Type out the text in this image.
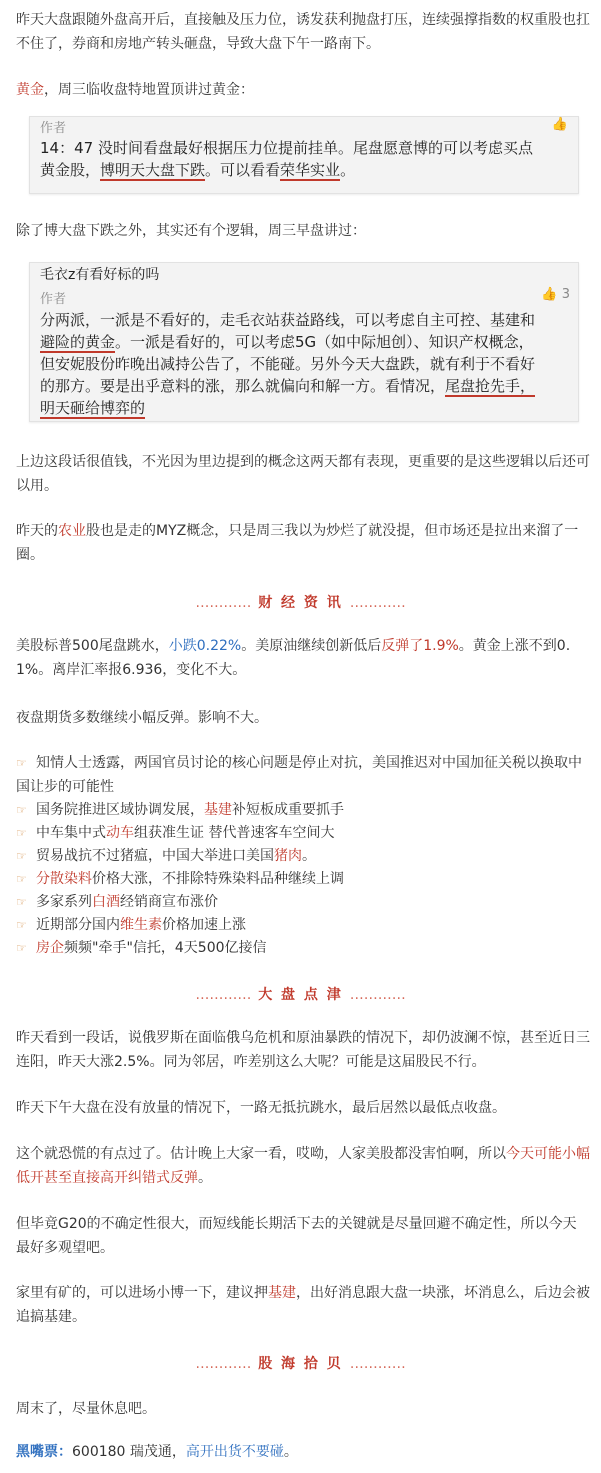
昨天大盘跟随外盘高开后，直接触及压力位，诱发获利抛盘打压，连续强撑指数的权重股也扛不住了，券商和房地产转头砸盘，导致大盘下午一路南下。

黄金，周三临收盘特地置顶讲过黄金：

作者	👍
14：47 没时间看盘最好根据压力位提前挂单。尾盘愿意博的可以考虑买点
黄金股，博明天大盘下跌。可以看看荣华实业。

除了博大盘下跌之外，其实还有个逻辑，周三早盘讲过：

毛衣z有看好标的吗
作者	👍 3
分两派，一派是不看好的，走毛衣站获益路线，可以考虑自主可控、基建和
避险的黄金。一派是看好的，可以考虑5G（如中际旭创）、知识产权概念，
但安妮股份昨晚出减持公告了，不能碰。另外今天大盘跌，就有利于不看好
的那方。要是出乎意料的涨，那么就偏向和解一方。看情况，尾盘抢先手，
明天砸给博弈的

上边这段话很值钱，不光因为里边提到的概念这两天都有表现，更重要的是这些逻辑以后还可以用。

昨天的农业股也是走的MYZ概念，只是周三我以为炒烂了就没提，但市场还是拉出来溜了一圈。

………… 财 经 资 讯 …………

美股标普500尾盘跳水，小跌0.22%。美原油继续创新低后反弹了1.9%。黄金上涨不到0.1%。离岸汇率报6.936，变化不大。

夜盘期货多数继续小幅反弹。影响不大。

☞ 知情人士透露，两国官员讨论的核心问题是停止对抗，美国推迟对中国加征关税以换取中国让步的可能性
☞ 国务院推进区域协调发展，基建补短板成重要抓手
☞ 中车集中式动车组获准生证 替代普速客车空间大
☞ 贸易战抗不过猪瘟，中国大举进口美国猪肉。
☞ 分散染料价格大涨，不排除特殊染料品种继续上调
☞ 多家系列白酒经销商宣布涨价
☞ 近期部分国内维生素价格加速上涨
☞ 房企频频"牵手"信托，4天500亿接信
………… 大 盘 点 津 …………

昨天看到一段话，说俄罗斯在面临俄乌危机和原油暴跌的情况下，却仍波澜不惊，甚至近日三连阳，昨天大涨2.5%。同为邻居，咋差别这么大呢？可能是这届股民不行。

昨天下午大盘在没有放量的情况下，一路无抵抗跳水，最后居然以最低点收盘。

这个就恐慌的有点过了。估计晚上大家一看，哎呦，人家美股都没害怕啊，所以今天可能小幅低开甚至直接高开纠错式反弹。

但毕竟G20的不确定性很大，而短线能长期活下去的关键就是尽量回避不确定性，所以今天最好多观望吧。

家里有矿的，可以进场小博一下，建议押基建，出好消息跟大盘一块涨，坏消息么，后边会被追搞基建。

………… 股 海 拾 贝 …………

周末了，尽量休息吧。

黑嘴票：600180 瑞茂通，高开出货不要碰。
